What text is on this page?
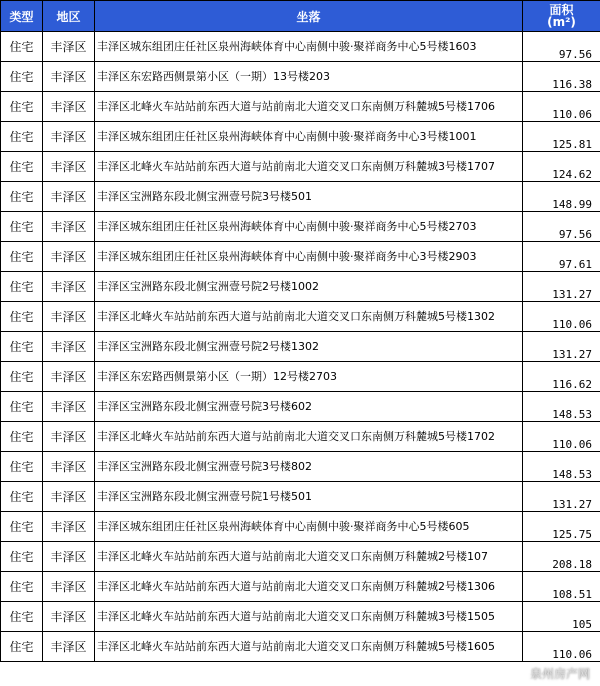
类型	地区	坐落	面积
(m²)

住宅	丰泽区	丰泽区城东组团庄任社区泉州海峡体育中心南侧中骏·聚祥商务中心5号楼1603	97.56
住宅	丰泽区	丰泽区东宏路西侧景第小区（一期）13号楼203	116.38
住宅	丰泽区	丰泽区北峰火车站站前东西大道与站前南北大道交叉口东南侧万科麓城5号楼1706	110.06
住宅	丰泽区	丰泽区城东组团庄任社区泉州海峡体育中心南侧中骏·聚祥商务中心3号楼1001	125.81
住宅	丰泽区	丰泽区北峰火车站站前东西大道与站前南北大道交叉口东南侧万科麓城3号楼1707	124.62
住宅	丰泽区	丰泽区宝洲路东段北侧宝洲壹号院3号楼501	148.99
住宅	丰泽区	丰泽区城东组团庄任社区泉州海峡体育中心南侧中骏·聚祥商务中心5号楼2703	97.56
住宅	丰泽区	丰泽区城东组团庄任社区泉州海峡体育中心南侧中骏·聚祥商务中心3号楼2903	97.61
住宅	丰泽区	丰泽区宝洲路东段北侧宝洲壹号院2号楼1002	131.27
住宅	丰泽区	丰泽区北峰火车站站前东西大道与站前南北大道交叉口东南侧万科麓城5号楼1302	110.06
住宅	丰泽区	丰泽区宝洲路东段北侧宝洲壹号院2号楼1302	131.27
住宅	丰泽区	丰泽区东宏路西侧景第小区（一期）12号楼2703	116.62
住宅	丰泽区	丰泽区宝洲路东段北侧宝洲壹号院3号楼602	148.53
住宅	丰泽区	丰泽区北峰火车站站前东西大道与站前南北大道交叉口东南侧万科麓城5号楼1702	110.06
住宅	丰泽区	丰泽区宝洲路东段北侧宝洲壹号院3号楼802	148.53
住宅	丰泽区	丰泽区宝洲路东段北侧宝洲壹号院1号楼501	131.27
住宅	丰泽区	丰泽区城东组团庄任社区泉州海峡体育中心南侧中骏·聚祥商务中心5号楼605	125.75
住宅	丰泽区	丰泽区北峰火车站站前东西大道与站前南北大道交叉口东南侧万科麓城2号楼107	208.18
住宅	丰泽区	丰泽区北峰火车站站前东西大道与站前南北大道交叉口东南侧万科麓城2号楼1306	108.51
住宅	丰泽区	丰泽区北峰火车站站前东西大道与站前南北大道交叉口东南侧万科麓城3号楼1505	105
住宅	丰泽区	丰泽区北峰火车站站前东西大道与站前南北大道交叉口东南侧万科麓城5号楼1605	110.06
泉州房产网
